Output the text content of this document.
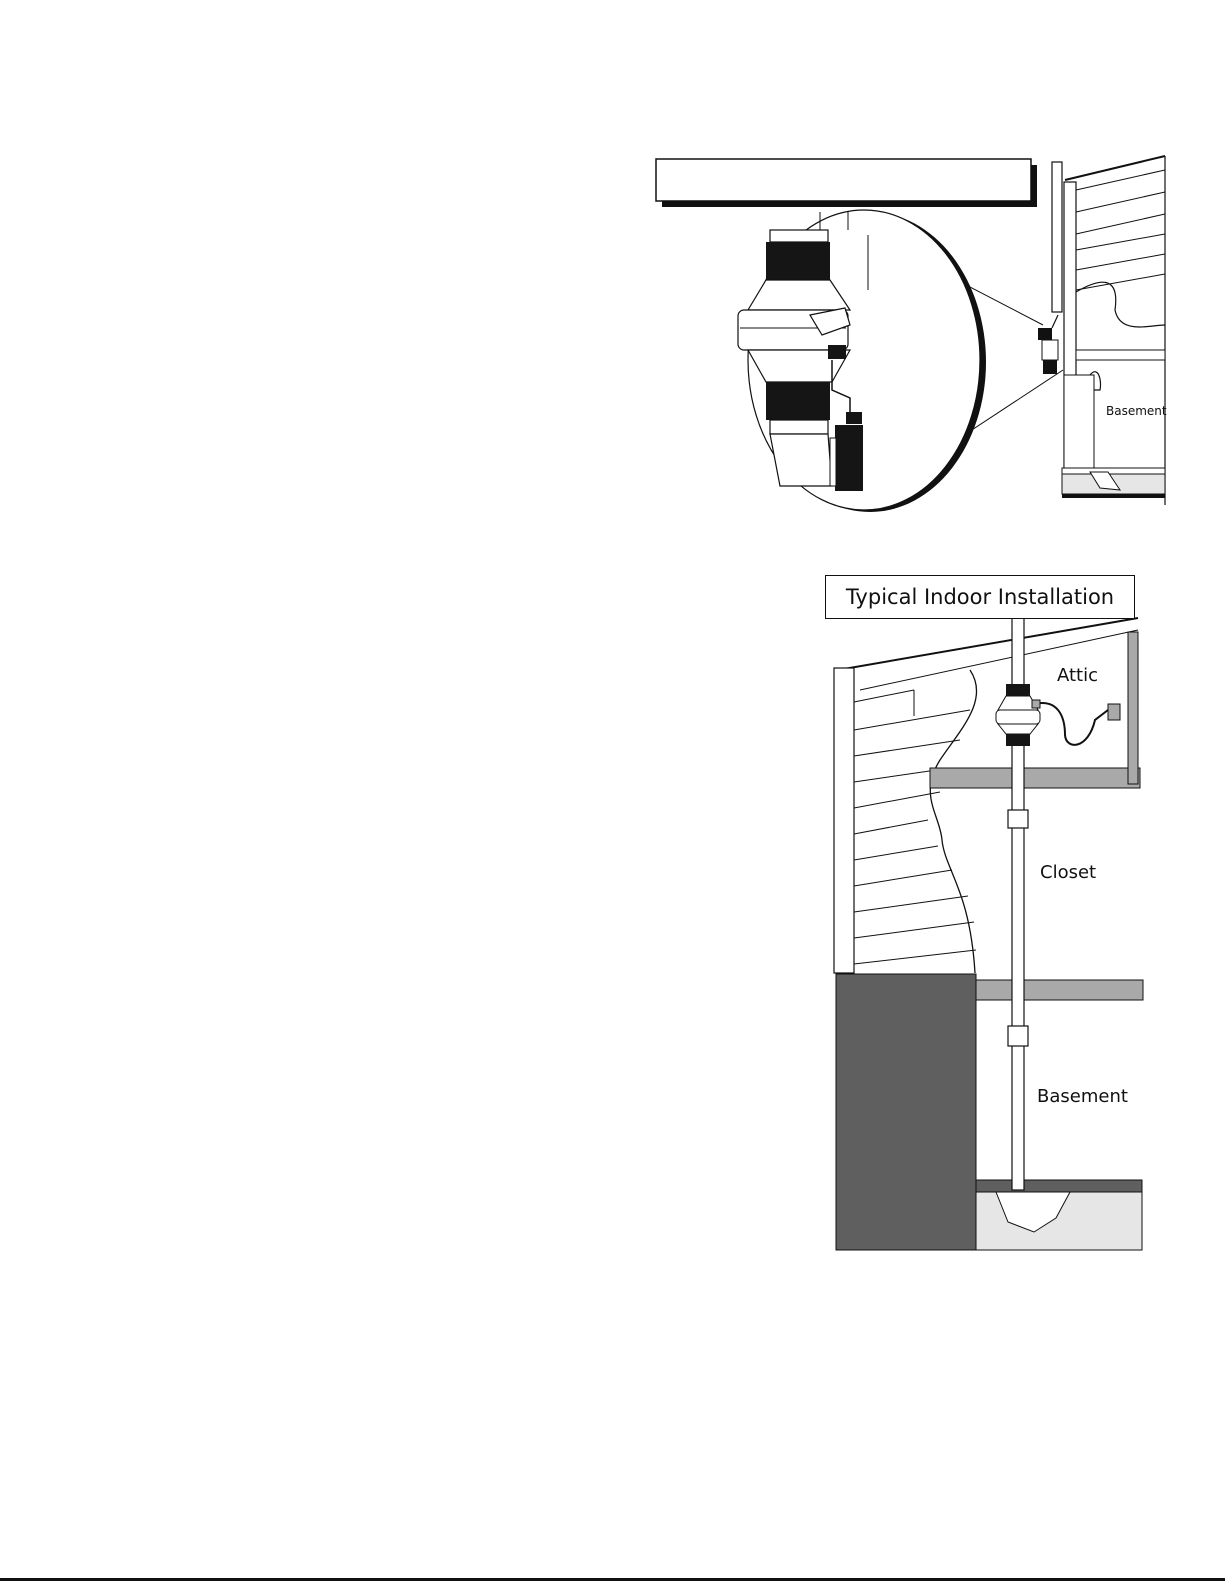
Basement
Typical Indoor Installation
Attic
Closet
Basement
